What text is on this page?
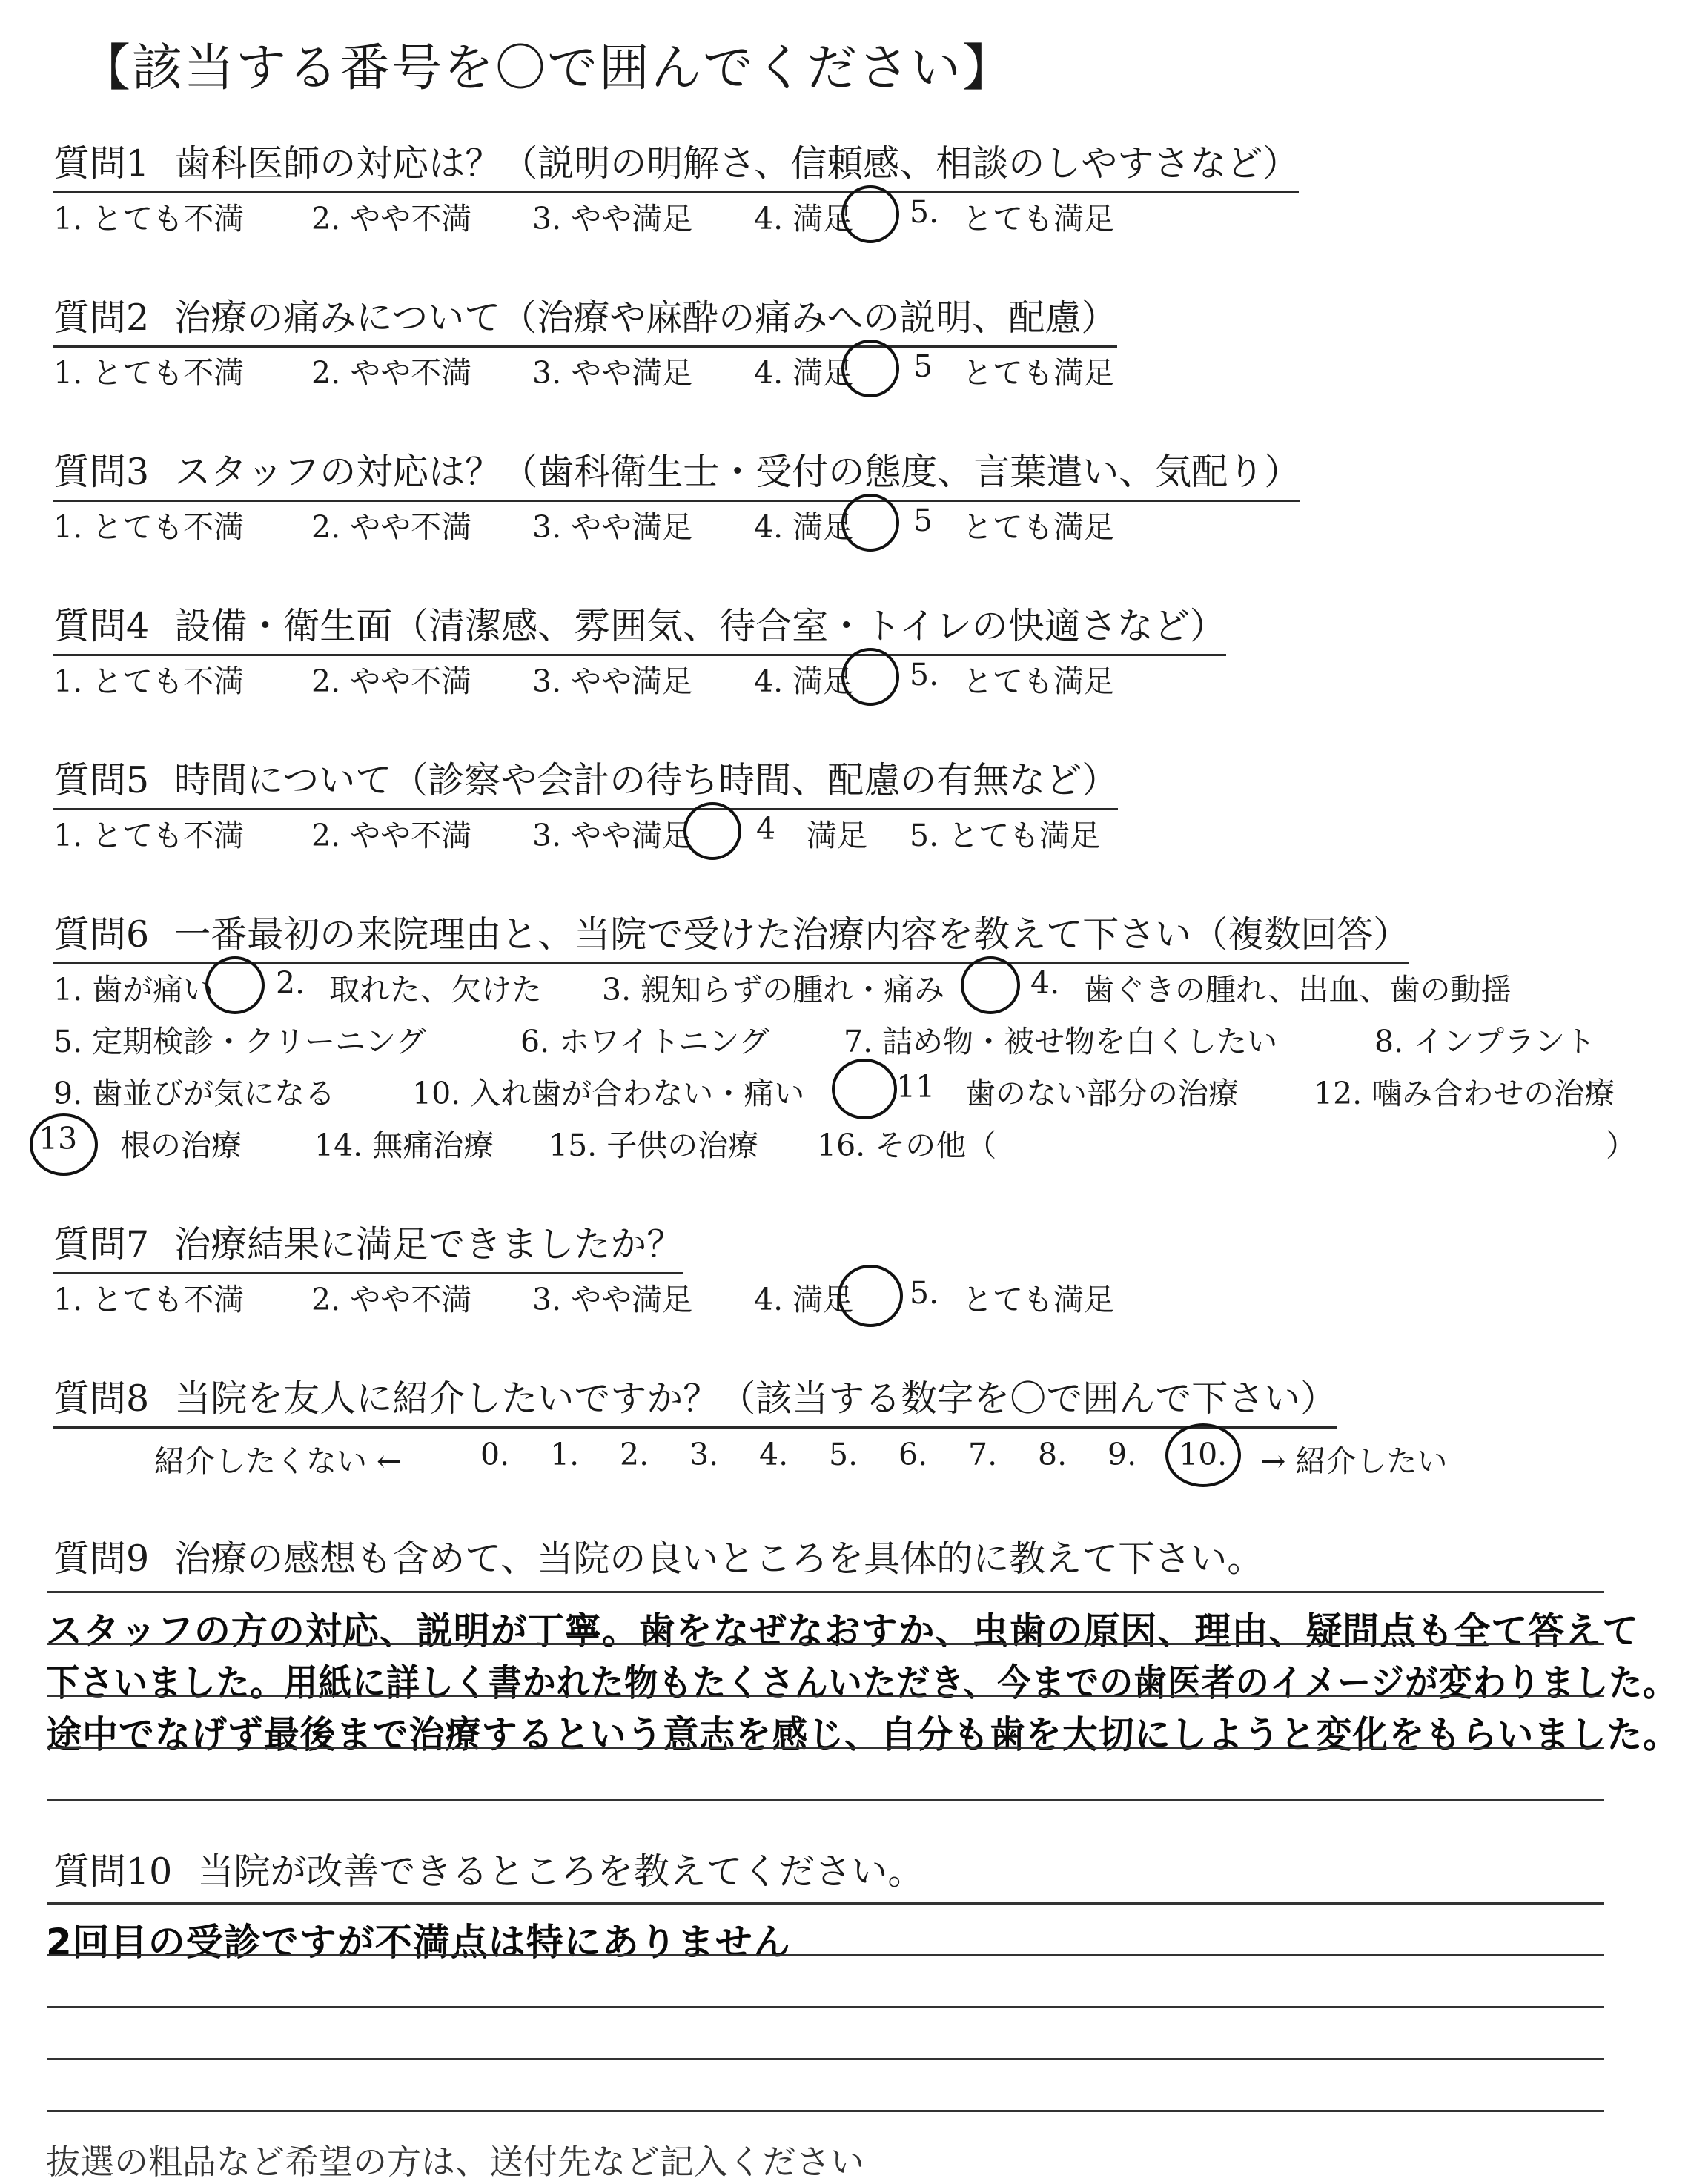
【該当する番号を〇で囲んでください】
質問1 歯科医師の対応は？（説明の明解さ、信頼感、相談のしやすさなど）
1. とても不満 2. やや不満 3. やや満足 4. 満足 5. とても満足
質問2 治療の痛みについて（治療や麻酔の痛みへの説明、配慮）
1. とても不満 2. やや不満 3. やや満足 4. 満足 5 とても満足
質問3 スタッフの対応は？（歯科衛生士・受付の態度、言葉遣い、気配り）
1. とても不満 2. やや不満 3. やや満足 4. 満足 5 とても満足
質問4 設備・衛生面（清潔感、雰囲気、待合室・トイレの快適さなど）
1. とても不満 2. やや不満 3. やや満足 4. 満足 5. とても満足
質問5 時間について（診察や会計の待ち時間、配慮の有無など）
1. とても不満 2. やや不満 3. やや満足 4 満足 5. とても満足
質問6 一番最初の来院理由と、当院で受けた治療内容を教えて下さい（複数回答）
1. 歯が痛い 2. 取れた、欠けた 3. 親知らずの腫れ・痛み	4. 歯ぐきの腫れ、出血、歯の動揺
5. 定期検診・クリーニング	6. ホワイトニング 7. 詰め物・被せ物を白くしたい	8. インプラント
9. 歯並びが気になる	10. 入れ歯が合わない・痛い	11 歯のない部分の治療 12. 噛み合わせの治療
13 根の治療 14. 無痛治療 15. 子供の治療 16. その他（	）
質問7 治療結果に満足できましたか？
1. とても不満 2. やや不満 3. やや満足 4. 満足 5. とても満足
質問8 当院を友人に紹介したいですか？（該当する数字を〇で囲んで下さい）
紹介したくない ←	0. 1. 2. 3. 4. 5. 6. 7. 8. 9. 10. → 紹介したい
質問9 治療の感想も含めて、当院の良いところを具体的に教えて下さい。
スタッフの方の対応、説明が丁寧。歯をなぜなおすか、虫歯の原因、理由、疑問点も全て答えて
下さいました。用紙に詳しく書かれた物もたくさんいただき、今までの歯医者のイメージが変わりました。
途中でなげず最後まで治療するという意志を感じ、自分も歯を大切にしようと変化をもらいました。
質問10 当院が改善できるところを教えてください。
2回目の受診ですが不満点は特にありません
抜選の粗品など希望の方は、送付先など記入ください
